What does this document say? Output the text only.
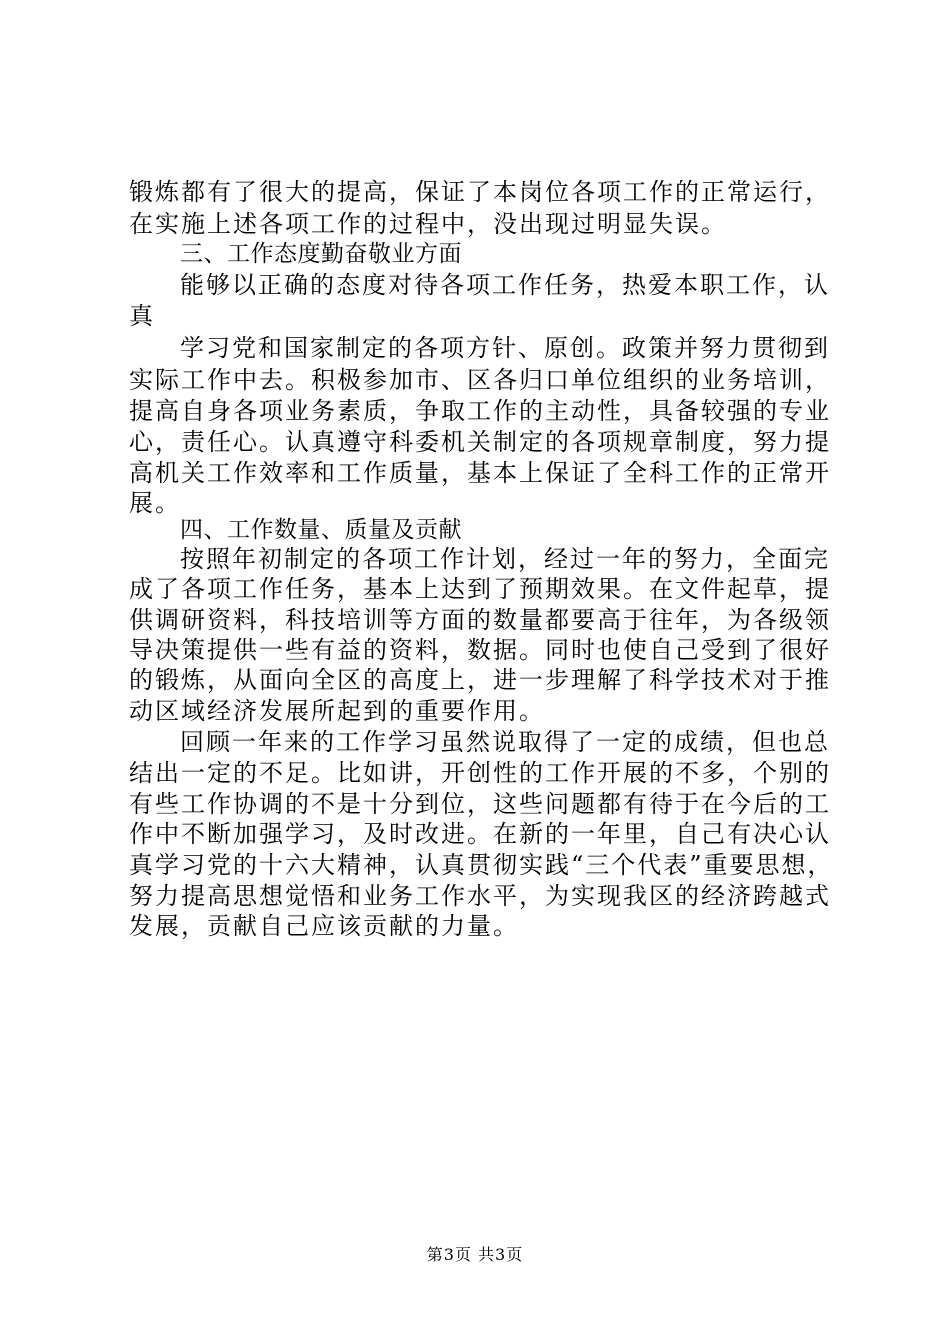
锻炼都有了很大的提高，保证了本岗位各项工作的正常运行，
在实施上述各项工作的过程中，没出现过明显失误。
三、工作态度勤奋敬业方面
能够以正确的态度对待各项工作任务，热爱本职工作，认
真
学习党和国家制定的各项方针、原创。政策并努力贯彻到
实际工作中去。积极参加市、区各归口单位组织的业务培训，
提高自身各项业务素质，争取工作的主动性，具备较强的专业
心，责任心。认真遵守科委机关制定的各项规章制度，努力提
高机关工作效率和工作质量，基本上保证了全科工作的正常开
展。
四、工作数量、质量及贡献
按照年初制定的各项工作计划，经过一年的努力，全面完
成了各项工作任务，基本上达到了预期效果。在文件起草，提
供调研资料，科技培训等方面的数量都要高于往年，为各级领
导决策提供一些有益的资料，数据。同时也使自己受到了很好
的锻炼，从面向全区的高度上，进一步理解了科学技术对于推
动区域经济发展所起到的重要作用。
回顾一年来的工作学习虽然说取得了一定的成绩，但也总
结出一定的不足。比如讲，开创性的工作开展的不多，个别的
有些工作协调的不是十分到位，这些问题都有待于在今后的工
作中不断加强学习，及时改进。在新的一年里，自己有决心认
真学习党的十六大精神，认真贯彻实践“三个代表”重要思想，
努力提高思想觉悟和业务工作水平，为实现我区的经济跨越式
发展，贡献自己应该贡献的力量。
第3页 共3页
